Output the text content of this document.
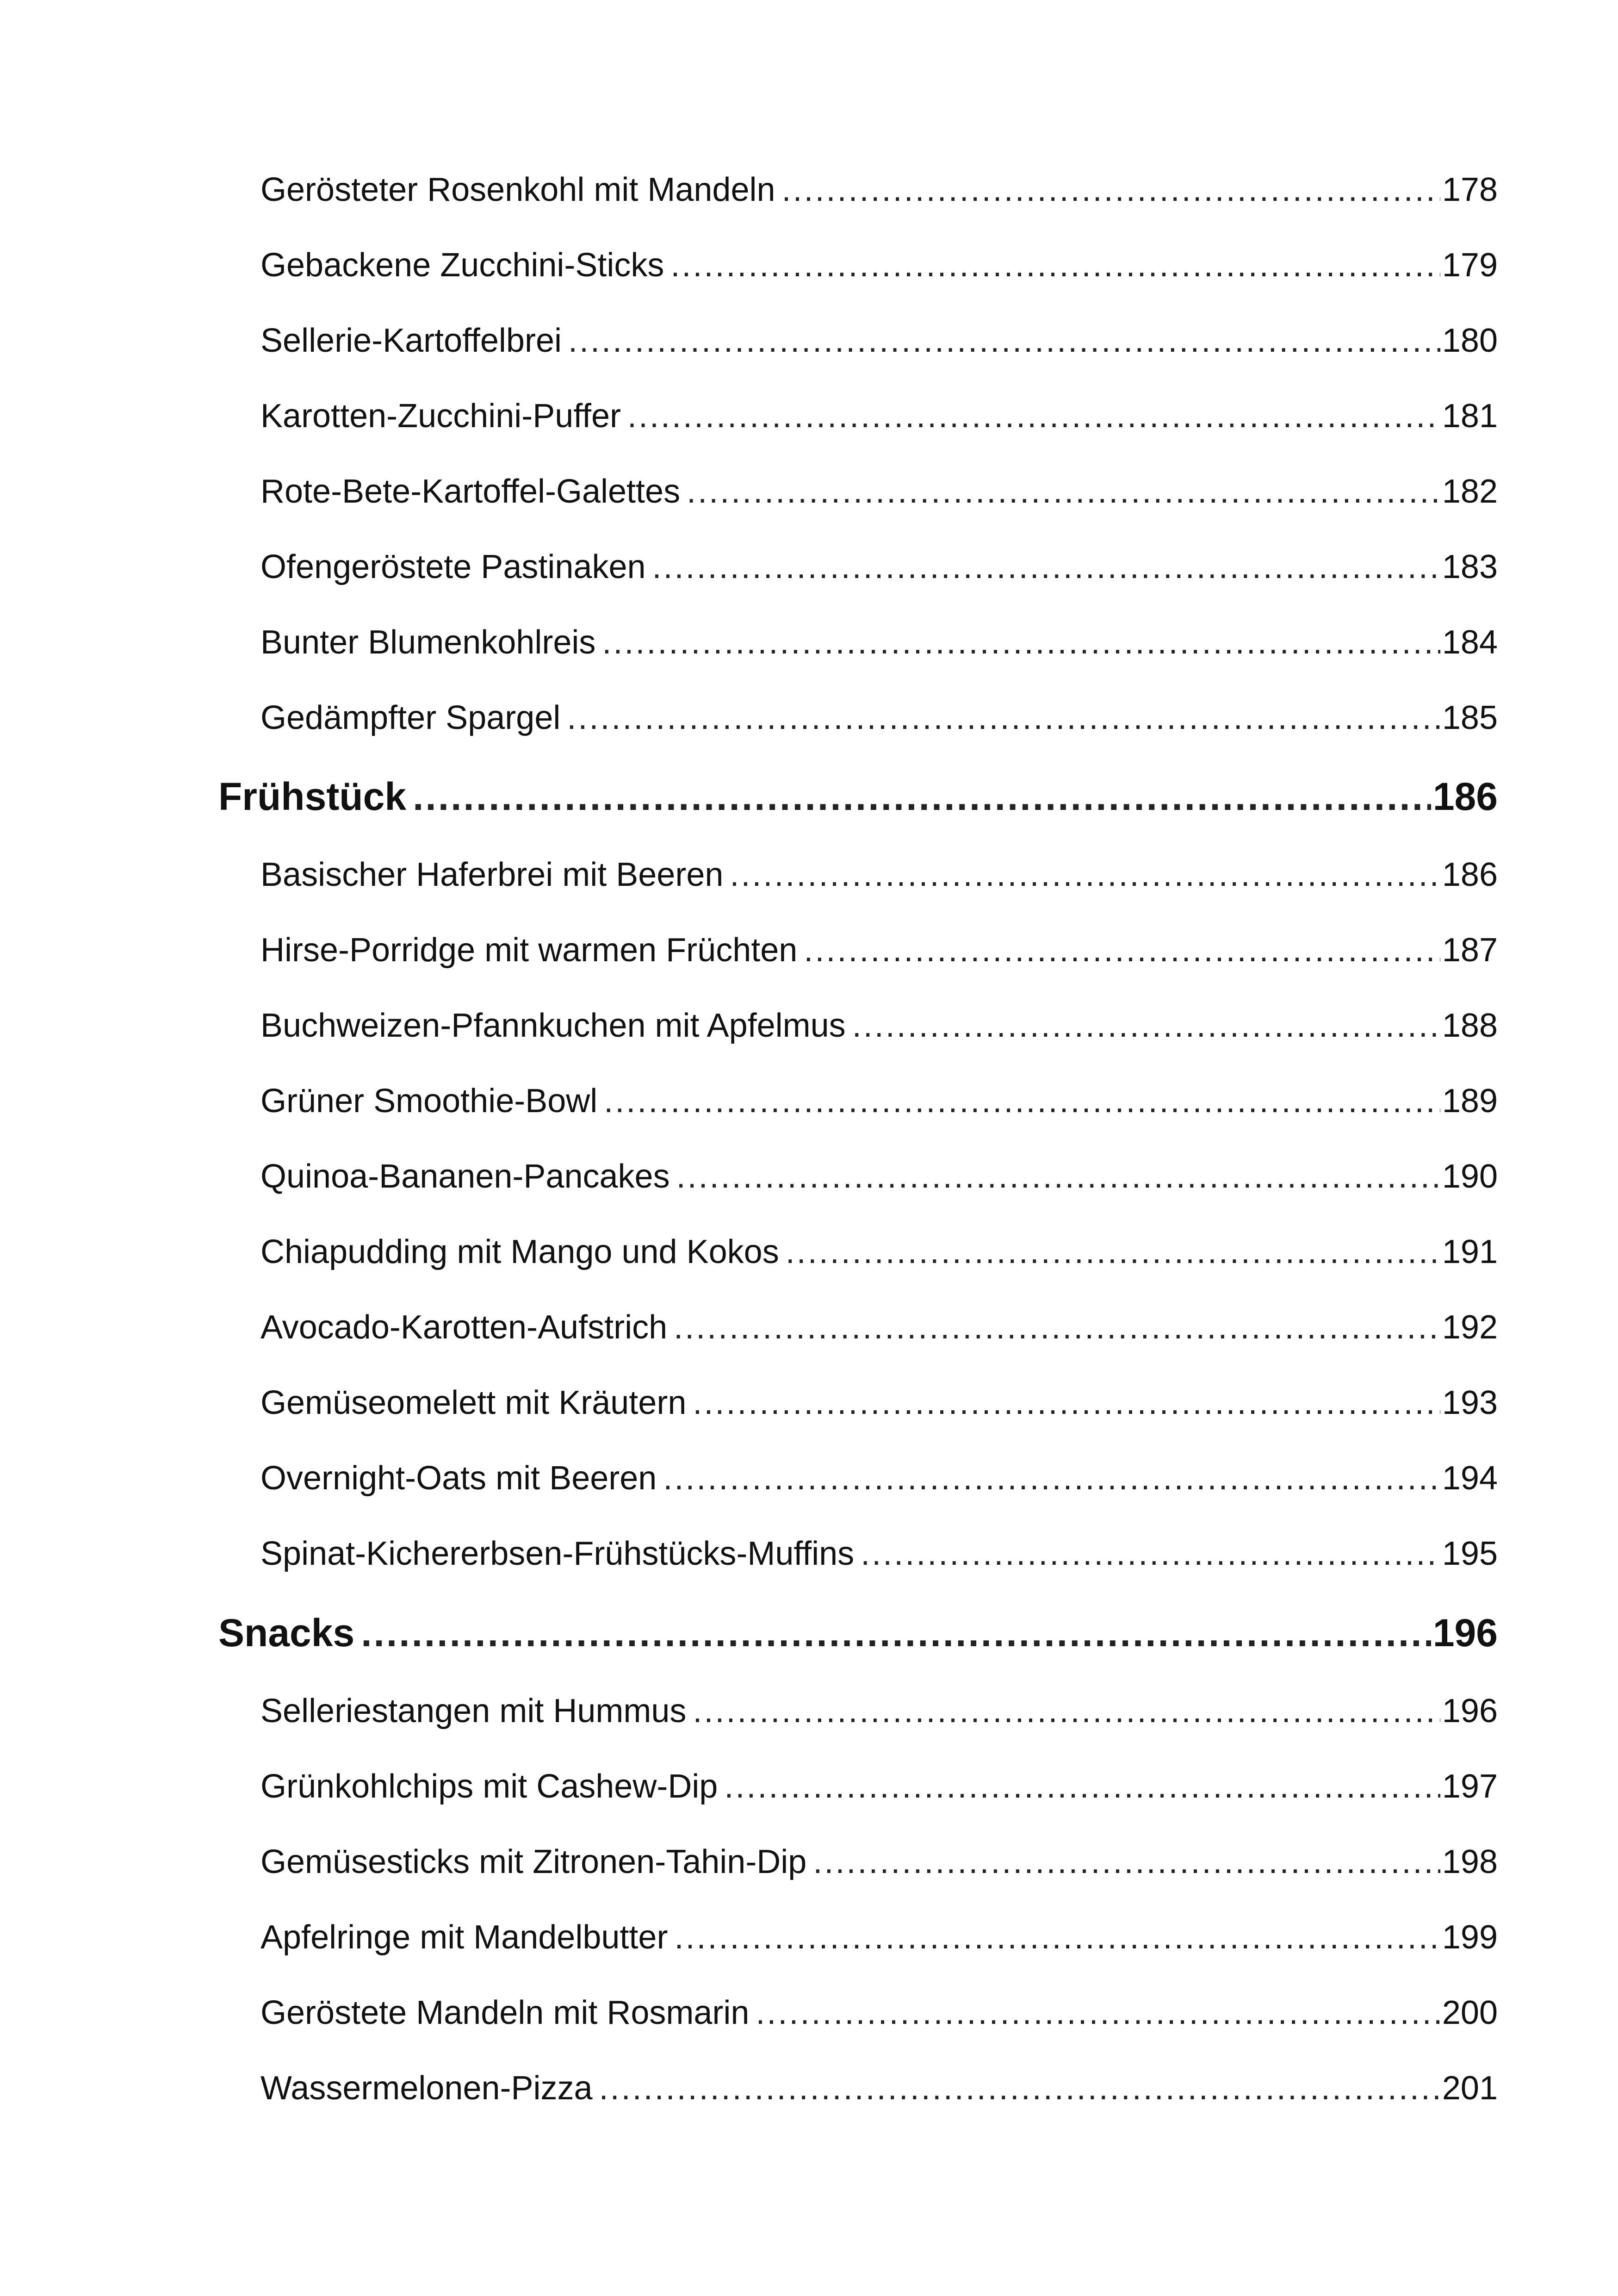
Gerösteter Rosenkohl mit Mandeln .....	178
Gebackene Zucchini-Sticks .....	179
Sellerie-Kartoffelbrei .....	180
Karotten-Zucchini-Puffer .....	181
Rote-Bete-Kartoffel-Galettes .....	182
Ofengeröstete Pastinaken .....	183
Bunter Blumenkohlreis .....	184
Gedämpfter Spargel .....	185
Frühstück .....	186
Basischer Haferbrei mit Beeren .....	186
Hirse-Porridge mit warmen Früchten .....	187
Buchweizen-Pfannkuchen mit Apfelmus .....	188
Grüner Smoothie-Bowl .....	189
Quinoa-Bananen-Pancakes .....	190
Chiapudding mit Mango und Kokos .....	191
Avocado-Karotten-Aufstrich .....	192
Gemüseomelett mit Kräutern .....	193
Overnight-Oats mit Beeren .....	194
Spinat-Kichererbsen-Frühstücks-Muffins .....	195
Snacks .....	196
Selleriestangen mit Hummus .....	196
Grünkohlchips mit Cashew-Dip .....	197
Gemüsesticks mit Zitronen-Tahin-Dip .....	198
Apfelringe mit Mandelbutter .....	199
Geröstete Mandeln mit Rosmarin .....	200
Wassermelonen-Pizza .....	201
